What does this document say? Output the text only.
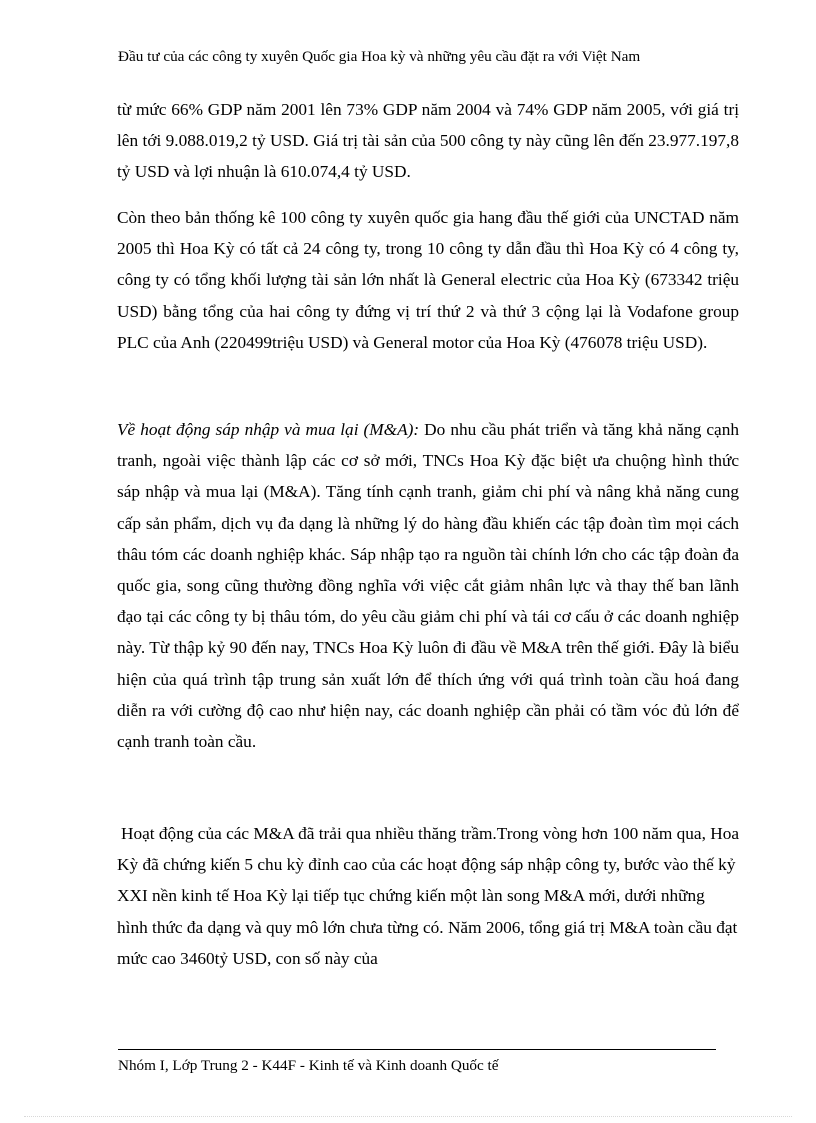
Đầu tư của các công ty xuyên Quốc gia Hoa kỳ và những yêu cầu đặt ra với Việt Nam

từ mức 66% GDP năm 2001 lên 73% GDP năm 2004 và 74% GDP năm 2005, với giá trị lên tới 9.088.019,2 tỷ USD. Giá trị tài sản của 500 công ty này cũng lên đến 23.977.197,8 tỷ USD và lợi nhuận là 610.074,4 tỷ USD.

Còn theo bản thống kê 100 công ty xuyên quốc gia hang đầu thế giới của UNCTAD năm 2005 thì Hoa Kỳ có tất cả 24 công ty, trong 10 công ty dẫn đầu thì Hoa Kỳ có 4 công ty, công ty có tổng khối lượng tài sản lớn nhất là General electric của Hoa Kỳ (673342 triệu USD) bằng tổng của hai công ty đứng vị trí thứ 2 và thứ 3 cộng lại là Vodafone group PLC của Anh (220499triệu USD) và General motor của Hoa Kỳ (476078 triệu USD).

Về hoạt động sáp nhập và mua lại (M&A): Do nhu cầu phát triển và tăng khả năng cạnh tranh, ngoài việc thành lập các cơ sở mới, TNCs Hoa Kỳ đặc biệt ưa chuộng hình thức sáp nhập và mua lại (M&A). Tăng tính cạnh tranh, giảm chi phí và nâng khả năng cung cấp sản phẩm, dịch vụ đa dạng là những lý do hàng đầu khiến các tập đoàn tìm mọi cách thâu tóm các doanh nghiệp khác. Sáp nhập tạo ra nguồn tài chính lớn cho các tập đoàn đa quốc gia, song cũng thường đồng nghĩa với việc cắt giảm nhân lực và thay thế ban lãnh đạo tại các công ty bị thâu tóm, do yêu cầu giảm chi phí và tái cơ cấu ở các doanh nghiệp này. Từ thập kỷ 90 đến nay, TNCs Hoa Kỳ luôn đi đầu về M&A trên thế giới. Đây là biểu hiện của quá trình tập trung sản xuất lớn để thích ứng với quá trình toàn cầu hoá đang diễn ra với cường độ cao như hiện nay, các doanh nghiệp cần phải có tầm vóc đủ lớn để cạnh tranh toàn cầu.

Hoạt động của các M&A đã trải qua nhiều thăng trầm.Trong vòng hơn 100 năm qua, Hoa Kỳ đã chứng kiến 5 chu kỳ đỉnh cao của các hoạt động sáp nhập công ty, bước vào thế kỷ XXI nền kinh tế Hoa Kỳ lại tiếp tục chứng kiến một làn song M&A mới, dưới những hình thức đa dạng và quy mô lớn chưa từng có. Năm 2006, tổng giá trị M&A toàn cầu đạt mức cao 3460tỷ USD, con số này của

Nhóm I, Lớp Trung 2 - K44F - Kinh tế và Kinh doanh Quốc tế
